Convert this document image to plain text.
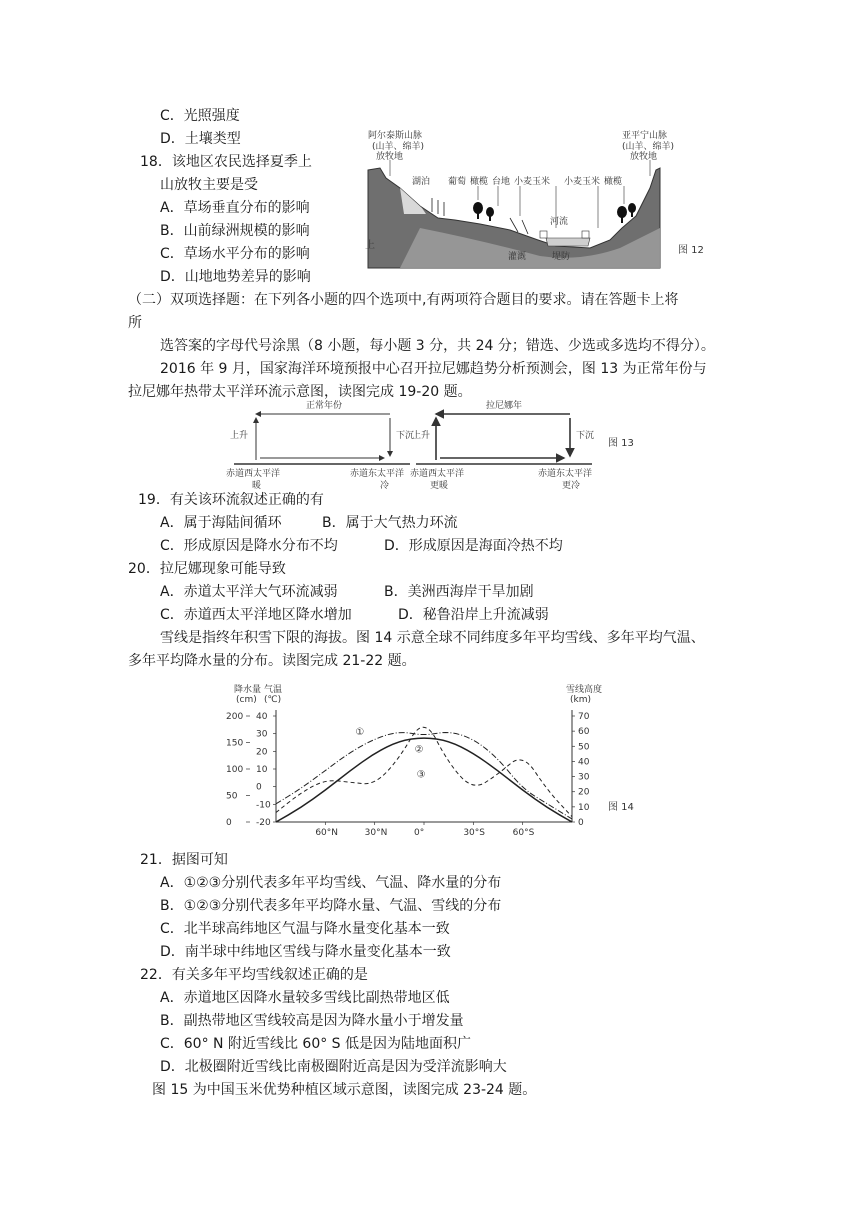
C．光照强度
D．土壤类型
18．该地区农民选择夏季上
山放牧主要是受
A．草场垂直分布的影响
B．山前绿洲规模的影响
C．草场水平分布的影响
D．山地地势差异的影响
阿尔泰斯山脉
(山羊、绵羊)
放牧地
亚平宁山脉
(山羊、绵羊)
放牧地
湖泊 葡萄 橄榄 台地 小麦玉米 小麦玉米 橄榄
河流
灌溉	堤防
上	图 12
（二）双项选择题：在下列各小题的四个选项中,有两项符合题目的要求。请在答题卡上将
所
选答案的字母代号涂黑（8 小题，每小题 3 分，共 24 分；错选、少选或多选均不得分）。
2016 年 9 月，国家海洋环境预报中心召开拉尼娜趋势分析预测会，图 13 为正常年份与
拉尼娜年热带太平洋环流示意图，读图完成 19-20 题。
正常年份	拉尼娜年
上升	下沉
上升	下沉
赤道西太平洋	赤道东太平洋 赤道西太平洋	赤道东太平洋
暖	冷	更暖	更冷
图 13
19．有关该环流叙述正确的有
A．属于海陆间循环	B．属于大气热力环流
C．形成原因是降水分布不均	D．形成原因是海面冷热不均
20．拉尼娜现象可能导致
A．赤道太平洋大气环流减弱	B．美洲西海岸干旱加剧
C．赤道西太平洋地区降水增加	D．秘鲁沿岸上升流减弱
雪线是指终年积雪下限的海拔。图 14 示意全球不同纬度多年平均雪线、多年平均气温、
多年平均降水量的分布。读图完成 21-22 题。
降水量
(cm)
气温
(℃)
雪线高度
(km)
图 14
200
150
100
50
0
40
30
20
10
0
-10
-20
70
60
50
40
30
20
10
0
60°N	30°N	0°	30°S	60°S
①
②
③
21．据图可知
A．①②③分别代表多年平均雪线、气温、降水量的分布
B．①②③分别代表多年平均降水量、气温、雪线的分布
C．北半球高纬地区气温与降水量变化基本一致
D．南半球中纬地区雪线与降水量变化基本一致
22．有关多年平均雪线叙述正确的是
A．赤道地区因降水量较多雪线比副热带地区低
B．副热带地区雪线较高是因为降水量小于增发量
C．60° N 附近雪线比 60° S 低是因为陆地面积广
D．北极圈附近雪线比南极圈附近高是因为受洋流影响大
图 15 为中国玉米优势种植区域示意图，读图完成 23-24 题。
